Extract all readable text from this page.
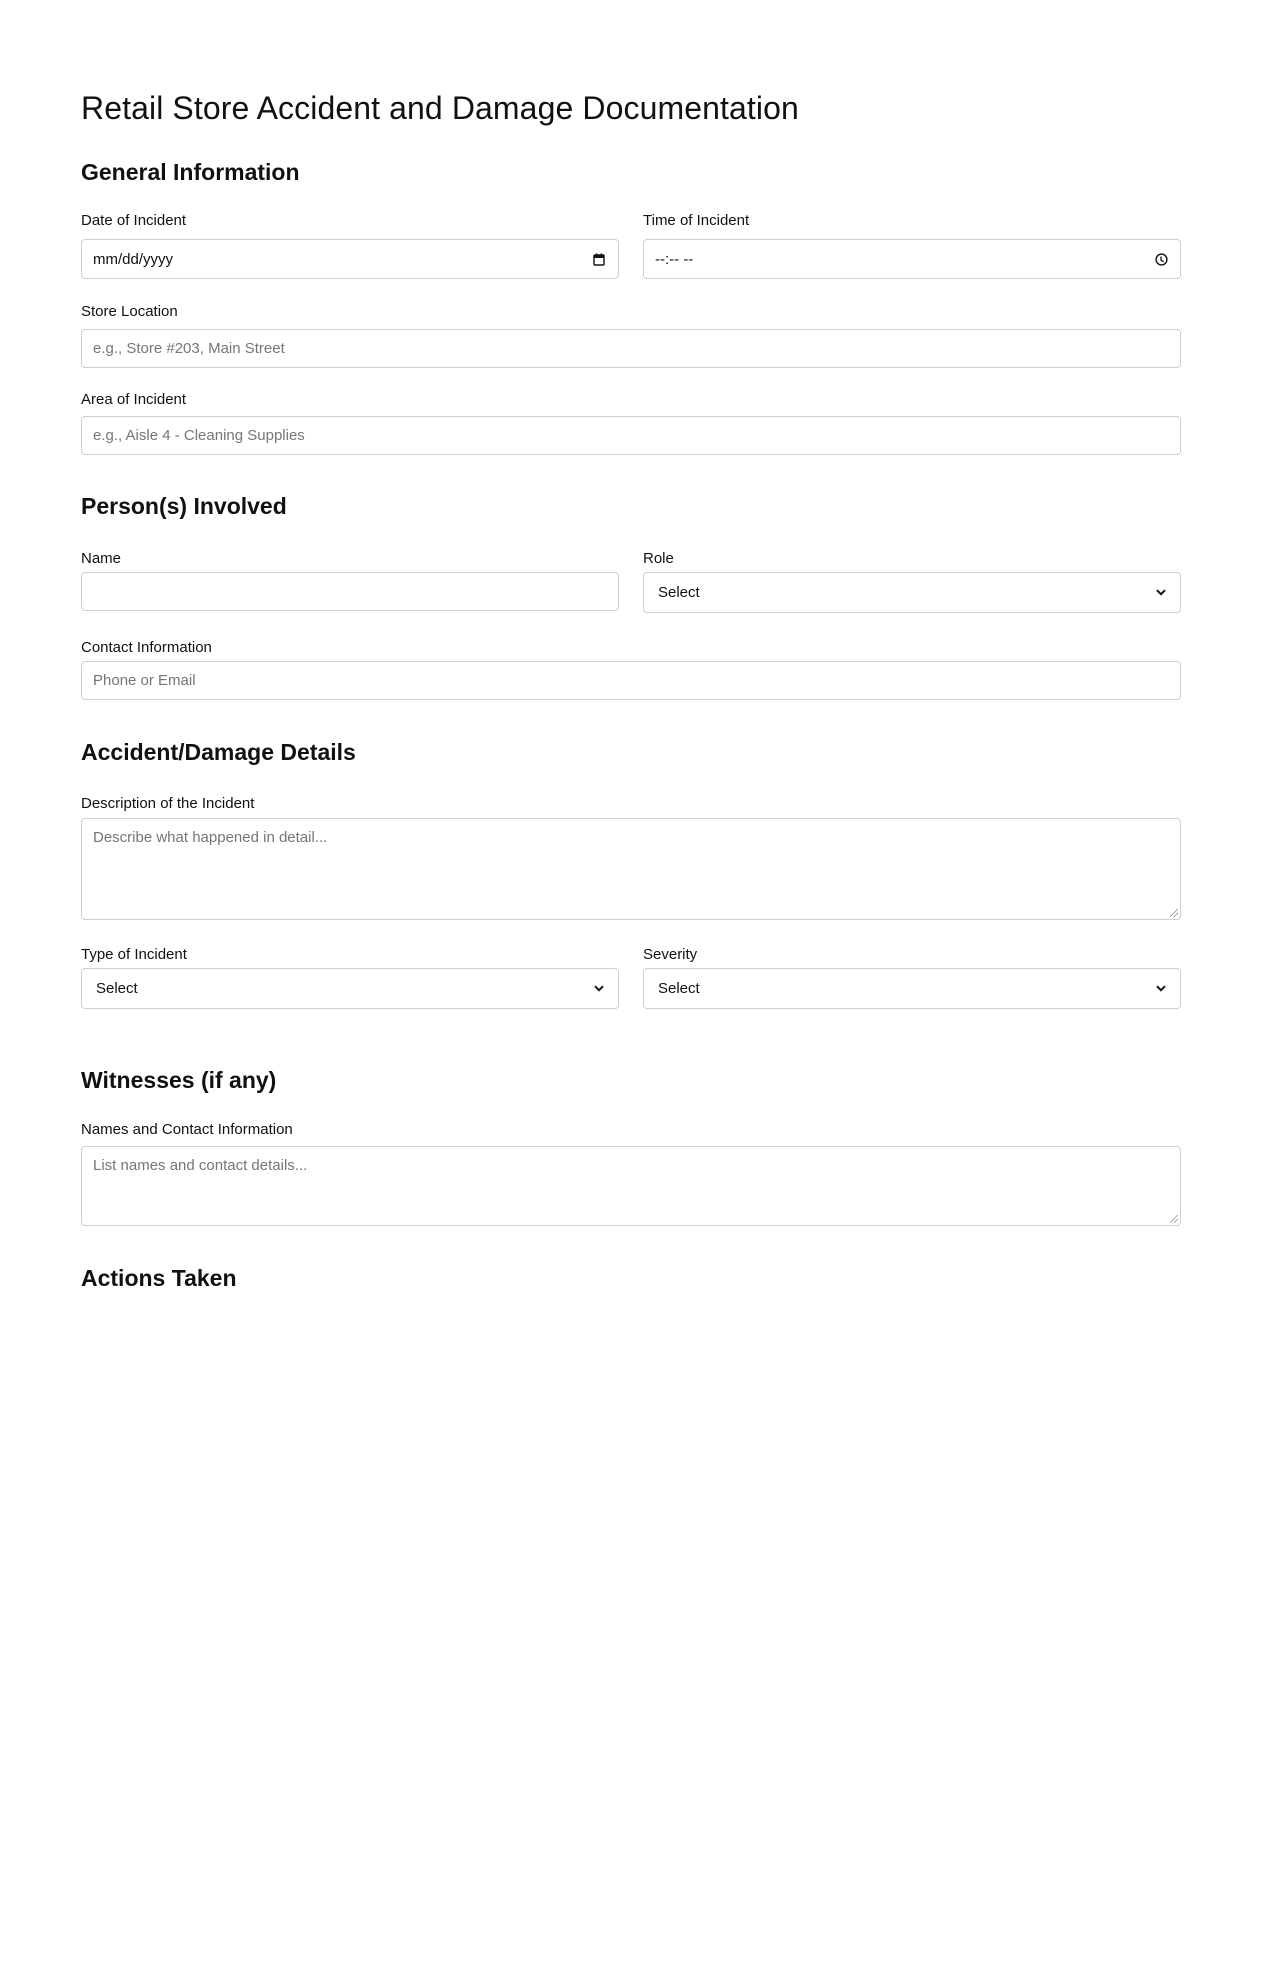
Retail Store Accident and Damage Documentation
General Information
Date of Incident
mm/dd/yyyy
Time of Incident
--:-- --
Store Location
e.g., Store #203, Main Street
Area of Incident
e.g., Aisle 4 - Cleaning Supplies
Person(s) Involved
Name	Role
Select
Contact Information
Phone or Email
Accident/Damage Details
Description of the Incident
Describe what happened in detail...
Type of Incident
Select
Severity
Select
Witnesses (if any)
Names and Contact Information
List names and contact details...
Actions Taken
